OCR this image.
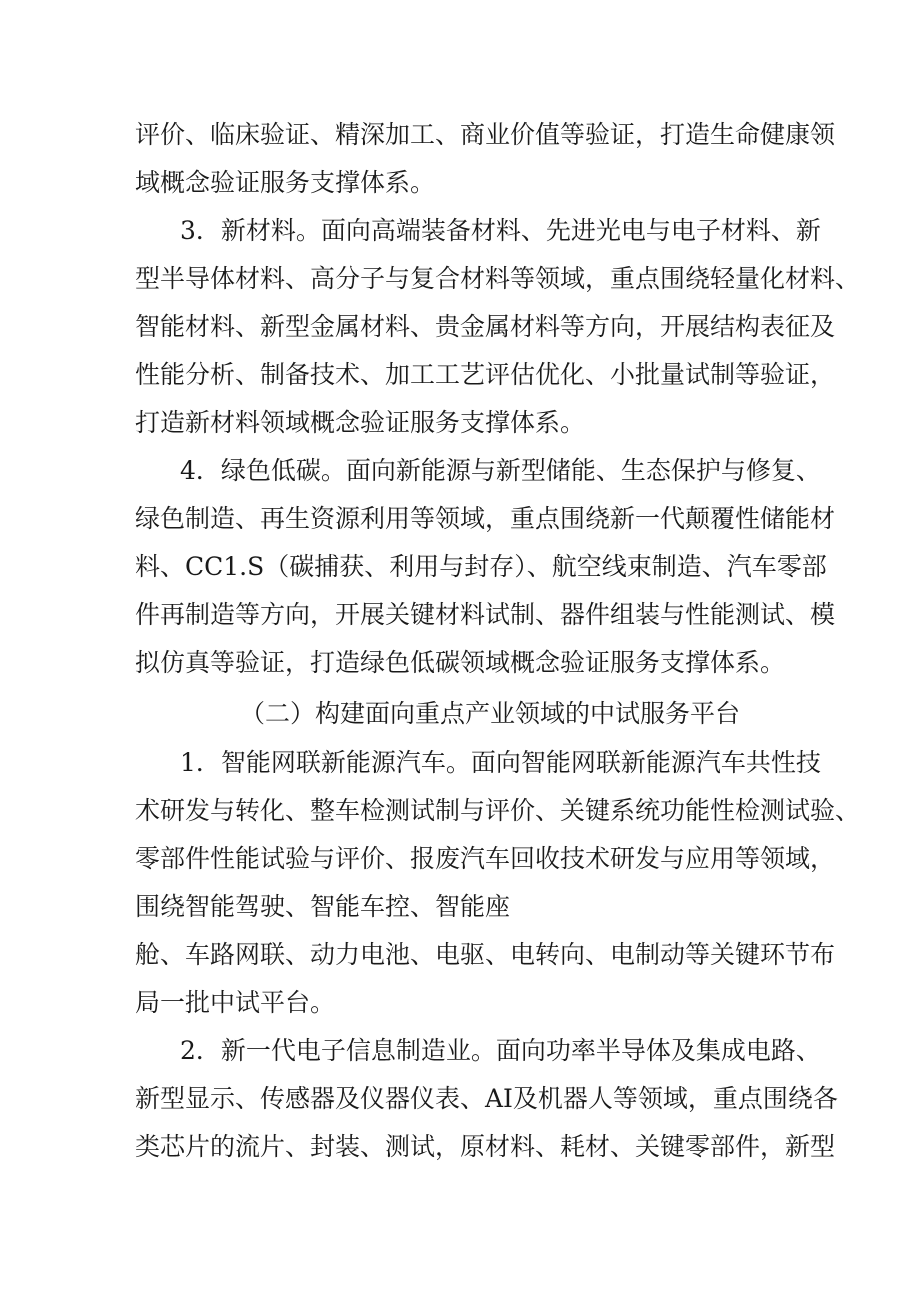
评价、临床验证、精深加工、商业价值等验证，打造生命健康领
域概念验证服务支撑体系。
3．新材料。面向高端装备材料、先进光电与电子材料、新
型半导体材料、高分子与复合材料等领域，重点围绕轻量化材料、
智能材料、新型金属材料、贵金属材料等方向，开展结构表征及
性能分析、制备技术、加工工艺评估优化、小批量试制等验证，
打造新材料领域概念验证服务支撑体系。
4．绿色低碳。面向新能源与新型储能、生态保护与修复、
绿色制造、再生资源利用等领域，重点围绕新一代颠覆性储能材
料、CC1.S（碳捕获、利用与封存）、航空线束制造、汽车零部
件再制造等方向，开展关键材料试制、器件组装与性能测试、模
拟仿真等验证，打造绿色低碳领域概念验证服务支撑体系。
（二）构建面向重点产业领域的中试服务平台
1．智能网联新能源汽车。面向智能网联新能源汽车共性技
术研发与转化、整车检测试制与评价、关键系统功能性检测试验、
零部件性能试验与评价、报废汽车回收技术研发与应用等领域，
围绕智能驾驶、智能车控、智能座
舱、车路网联、动力电池、电驱、电转向、电制动等关键环节布
局一批中试平台。
2．新一代电子信息制造业。面向功率半导体及集成电路、
新型显示、传感器及仪器仪表、AI及机器人等领域，重点围绕各
类芯片的流片、封装、测试，原材料、耗材、关键零部件，新型
